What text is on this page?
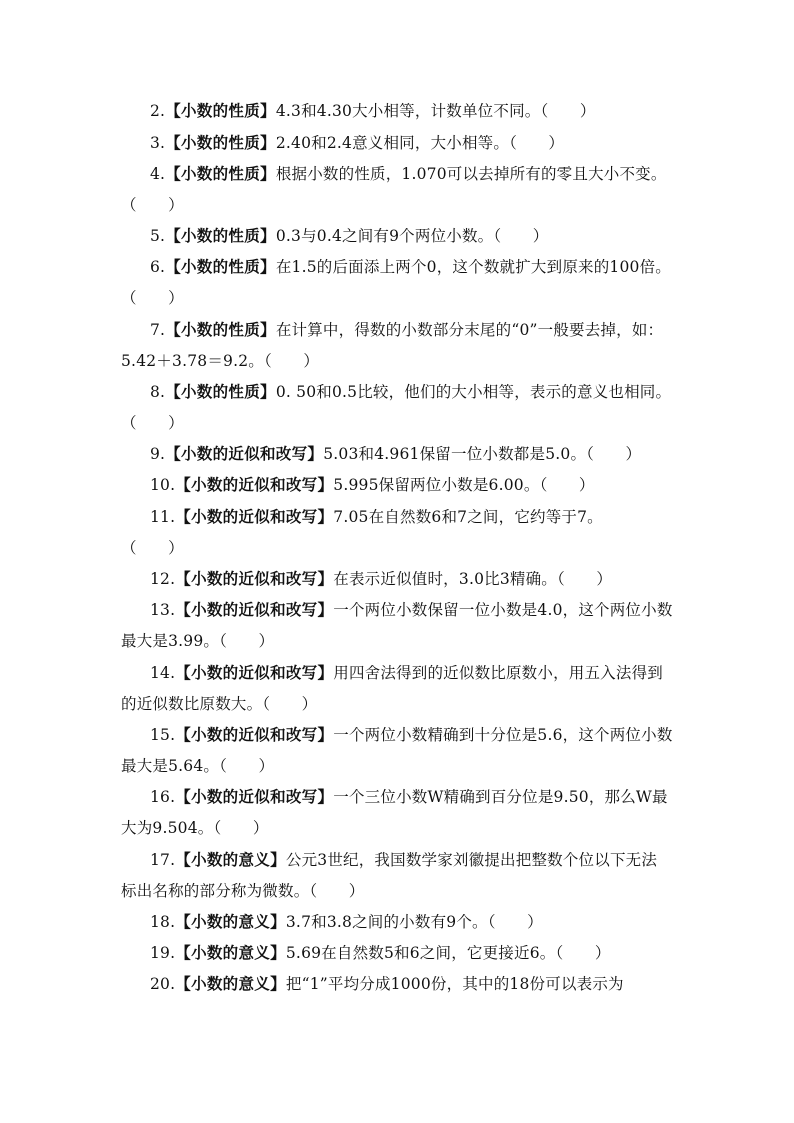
2.【小数的性质】4.3和4.30大小相等，计数单位不同。（　　）
3.【小数的性质】2.40和2.4意义相同，大小相等。（　　）
4.【小数的性质】根据小数的性质，1.070可以去掉所有的零且大小不变。
（　　）
5.【小数的性质】0.3与0.4之间有9个两位小数。（　　）
6.【小数的性质】在1.5的后面添上两个0，这个数就扩大到原来的100倍。
（　　）
7.【小数的性质】在计算中，得数的小数部分末尾的“0”一般要去掉，如：
5.42＋3.78＝9.2。（　　）
8.【小数的性质】0. 50和0.5比较，他们的大小相等，表示的意义也相同。
（　　）
9.【小数的近似和改写】5.03和4.961保留一位小数都是5.0。（　　）
10.【小数的近似和改写】5.995保留两位小数是6.00。（　　）
11.【小数的近似和改写】7.05在自然数6和7之间，它约等于7。
（　　）
12.【小数的近似和改写】在表示近似值时，3.0比3精确。（　　）
13.【小数的近似和改写】一个两位小数保留一位小数是4.0，这个两位小数
最大是3.99。（　　）
14.【小数的近似和改写】用四舍法得到的近似数比原数小，用五入法得到
的近似数比原数大。（　　）
15.【小数的近似和改写】一个两位小数精确到十分位是5.6，这个两位小数
最大是5.64。（　　）
16.【小数的近似和改写】一个三位小数W精确到百分位是9.50，那么W最
大为9.504。（　　）
17.【小数的意义】公元3世纪，我国数学家刘徽提出把整数个位以下无法
标出名称的部分称为微数。（　　）
18.【小数的意义】3.7和3.8之间的小数有9个。（　　）
19.【小数的意义】5.69在自然数5和6之间，它更接近6。（　　）
20.【小数的意义】把“1”平均分成1000份，其中的18份可以表示为
